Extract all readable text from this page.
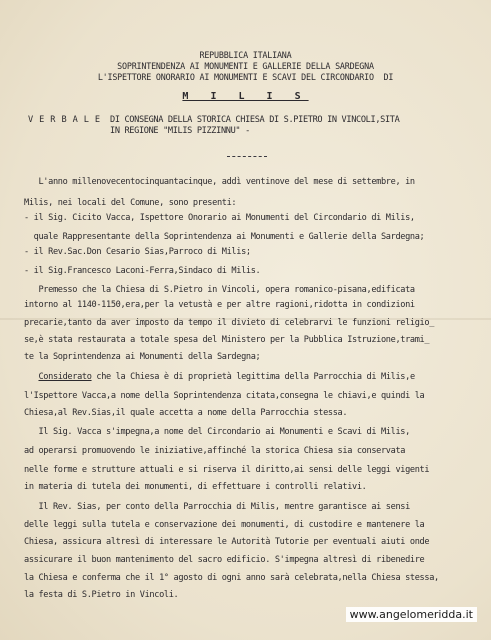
REPUBBLICA ITALIANA
SOPRINTENDENZA AI MONUMENTI E GALLERIE DELLA SARDEGNA
L'ISPETTORE ONORARIO AI MONUMENTI E SCAVI DEL CIRCONDARIO  DI
M I L I S
V E R B A L E DI CONSEGNA DELLA STORICA CHIESA DI S.PIETRO IN VINCOLI,SITA
IN REGIONE "MILIS PIZZINNU" -
L'anno millenovecentocinquantacinque, addì ventinove del mese di settembre, in
Milis, nei locali del Comune, sono presenti:
- il Sig. Cicito Vacca, Ispettore Onorario ai Monumenti del Circondario di Milis,
quale Rappresentante della Soprintendenza ai Monumenti e Gallerie della Sardegna;
- il Rev.Sac.Don Cesario Sias,Parroco di Milis;
- il Sig.Francesco Laconi-Ferra,Sindaco di Milis.
Premesso che la Chiesa di S.Pietro in Vincoli, opera romanico-pisana,edificata
intorno al 1140-1150,era,per la vetustà e per altre ragioni,ridotta in condizioni
precarie,tanto da aver imposto da tempo il divieto di celebrarvi le funzioni religio_
se,è stata restaurata a totale spesa del Ministero per la Pubblica Istruzione,trami_
te la Soprintendenza ai Monumenti della Sardegna;
Considerato che la Chiesa è di proprietà legittima della Parrocchia di Milis,e
l'Ispettore Vacca,a nome della Soprintendenza citata,consegna le chiavi,e quindi la
Chiesa,al Rev.Sias,il quale accetta a nome della Parrocchia stessa.
Il Sig. Vacca s'impegna,a nome del Circondario ai Monumenti e Scavi di Milis,
ad operarsi promuovendo le iniziative,affinché la storica Chiesa sia conservata
nelle forme e strutture attuali e si riserva il diritto,ai sensi delle leggi vigenti
in materia di tutela dei monumenti, di effettuare i controlli relativi.
Il Rev. Sias, per conto della Parrocchia di Milis, mentre garantisce ai sensi
delle leggi sulla tutela e conservazione dei monumenti, di custodire e mantenere la
Chiesa, assicura altresì di interessare le Autorità Tutorie per eventuali aiuti onde
assicurare il buon mantenimento del sacro edificio. S'impegna altresì di ribenedire
la Chiesa e conferma che il 1° agosto di ogni anno sarà celebrata,nella Chiesa stessa,
la festa di S.Pietro in Vincoli.
www.angelomeridda.it
